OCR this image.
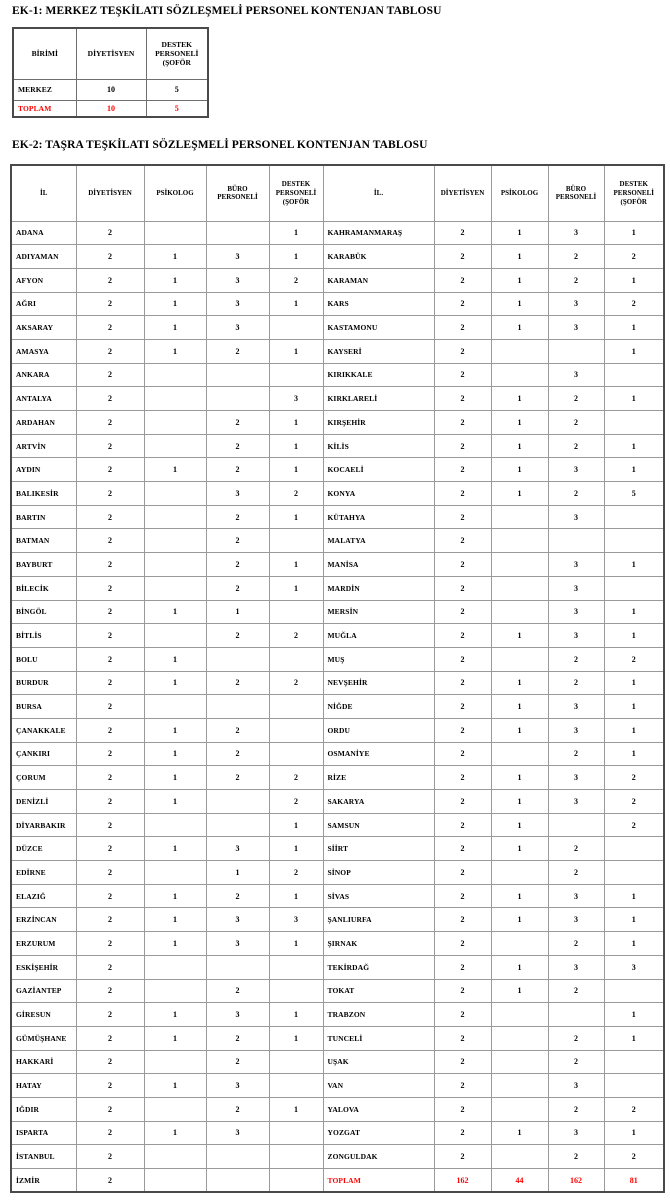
EK-1: MERKEZ TEŞKİLATI SÖZLEŞMELİ PERSONEL KONTENJAN TABLOSU
BİRİMİ	DİYETİSYEN	DESTEK PERSONELİ (ŞOFÖR
MERKEZ	10	5
TOPLAM	10	5
EK-2: TAŞRA TEŞKİLATI SÖZLEŞMELİ PERSONEL KONTENJAN TABLOSU
İL	DİYETİSYEN	PSİKOLOG	BÜRO PERSONELİ	DESTEK PERSONELİ (ŞOFÖR	İL.	DİYETİSYEN	PSİKOLOG	BÜRO PERSONELİ	DESTEK PERSONELİ (ŞOFÖR
ADANA	2			1	KAHRAMANMARAŞ	2	1	3	1
ADIYAMAN	2	1	3	1	KARABÜK	2	1	2	2
AFYON	2	1	3	2	KARAMAN	2	1	2	1
AĞRI	2	1	3	1	KARS	2	1	3	2
AKSARAY	2	1	3		KASTAMONU	2	1	3	1
AMASYA	2	1	2	1	KAYSERİ	2			1
ANKARA	2				KIRIKKALE	2		3	
ANTALYA	2			3	KIRKLARELİ	2	1	2	1
ARDAHAN	2		2	1	KIRŞEHİR	2	1	2	
ARTVİN	2		2	1	KİLİS	2	1	2	1
AYDIN	2	1	2	1	KOCAELİ	2	1	3	1
BALIKESİR	2		3	2	KONYA	2	1	2	5
BARTIN	2		2	1	KÜTAHYA	2		3	
BATMAN	2		2		MALATYA	2			
BAYBURT	2		2	1	MANİSA	2		3	1
BİLECİK	2		2	1	MARDİN	2		3	
BİNGÖL	2	1	1		MERSİN	2		3	1
BİTLİS	2		2	2	MUĞLA	2	1	3	1
BOLU	2	1			MUŞ	2		2	2
BURDUR	2	1	2	2	NEVŞEHİR	2	1	2	1
BURSA	2				NİĞDE	2	1	3	1
ÇANAKKALE	2	1	2		ORDU	2	1	3	1
ÇANKIRI	2	1	2		OSMANİYE	2		2	1
ÇORUM	2	1	2	2	RİZE	2	1	3	2
DENİZLİ	2	1		2	SAKARYA	2	1	3	2
DİYARBAKIR	2			1	SAMSUN	2	1		2
DÜZCE	2	1	3	1	SİİRT	2	1	2	
EDİRNE	2		1	2	SİNOP	2		2	
ELAZIĞ	2	1	2	1	SİVAS	2	1	3	1
ERZİNCAN	2	1	3	3	ŞANLIURFA	2	1	3	1
ERZURUM	2	1	3	1	ŞIRNAK	2		2	1
ESKİŞEHİR	2				TEKİRDAĞ	2	1	3	3
GAZİANTEP	2		2		TOKAT	2	1	2	
GİRESUN	2	1	3	1	TRABZON	2			1
GÜMÜŞHANE	2	1	2	1	TUNCELİ	2		2	1
HAKKARİ	2		2		UŞAK	2		2	
HATAY	2	1	3		VAN	2		3	
IĞDIR	2		2	1	YALOVA	2		2	2
ISPARTA	2	1	3		YOZGAT	2	1	3	1
İSTANBUL	2				ZONGULDAK	2		2	2
İZMİR	2				TOPLAM	162	44	162	81
